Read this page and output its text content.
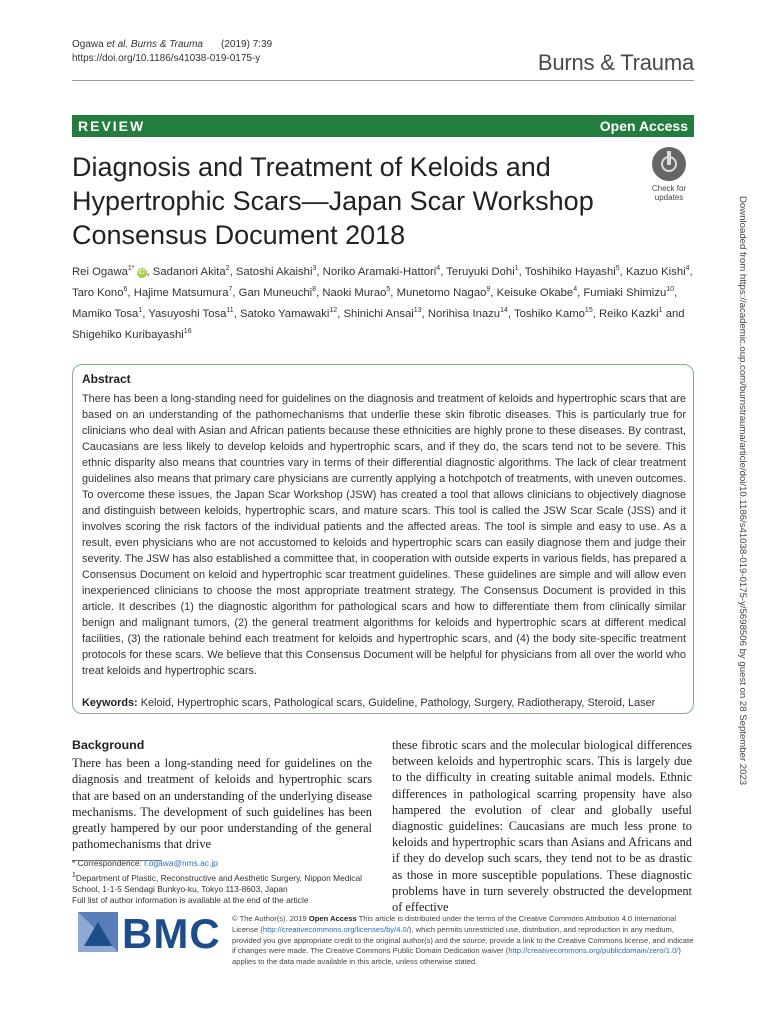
Ogawa et al. Burns & Trauma (2019) 7:39
https://doi.org/10.1186/s41038-019-0175-y	Burns & Trauma
REVIEW	Open Access
Diagnosis and Treatment of Keloids and Hypertrophic Scars—Japan Scar Workshop Consensus Document 2018
Check for
updates
Rei Ogawa$^{1*}$iD , Sadanori Akita$^2$, Satoshi Akaishi$^3$, Noriko Aramaki-Hattori$^4$, Teruyuki Dohi$^1$, Toshihiko Hayashi$^5$, Kazuo Kishi$^4$, Taro Kono$^6$, Hajime Matsumura$^7$, Gan Muneuchi$^8$, Naoki Murao$^5$, Munetomo Nagao$^9$, Keisuke Okabe$^4$, Fumiaki Shimizu$^{10}$, Mamiko Tosa$^1$, Yasuyoshi Tosa$^{11}$, Satoko Yamawaki$^{12}$, Shinichi Ansai$^{13}$, Norihisa Inazu$^{14}$, Toshiko Kamo$^{15}$, Reiko Kazki$^1$ and Shigehiko Kuribayashi$^{16}$
Abstract

There has been a long-standing need for guidelines on the diagnosis and treatment of keloids and hypertrophic scars that are based on an understanding of the pathomechanisms that underlie these skin fibrotic diseases. This is particularly true for clinicians who deal with Asian and African patients because these ethnicities are highly prone to these diseases. By contrast, Caucasians are less likely to develop keloids and hypertrophic scars, and if they do, the scars tend not to be severe. This ethnic disparity also means that countries vary in terms of their differential diagnostic algorithms. The lack of clear treatment guidelines also means that primary care physicians are currently applying a hotchpotch of treatments, with uneven outcomes. To overcome these issues, the Japan Scar Workshop (JSW) has created a tool that allows clinicians to objectively diagnose and distinguish between keloids, hypertrophic scars, and mature scars. This tool is called the JSW Scar Scale (JSS) and it involves scoring the risk factors of the individual patients and the affected areas. The tool is simple and easy to use. As a result, even physicians who are not accustomed to keloids and hypertrophic scars can easily diagnose them and judge their severity. The JSW has also established a committee that, in cooperation with outside experts in various fields, has prepared a Consensus Document on keloid and hypertrophic scar treatment guidelines. These guidelines are simple and will allow even inexperienced clinicians to choose the most appropriate treatment strategy. The Consensus Document is provided in this article. It describes (1) the diagnostic algorithm for pathological scars and how to differentiate them from clinically similar benign and malignant tumors, (2) the general treatment algorithms for keloids and hypertrophic scars at different medical facilities, (3) the rationale behind each treatment for keloids and hypertrophic scars, and (4) the body site-specific treatment protocols for these scars. We believe that this Consensus Document will be helpful for physicians from all over the world who treat keloids and hypertrophic scars.

Keywords: Keloid, Hypertrophic scars, Pathological scars, Guideline, Pathology, Surgery, Radiotherapy, Steroid, Laser

Background
There has been a long-standing need for guidelines on the diagnosis and treatment of keloids and hypertrophic scars that are based on an understanding of the underlying disease mechanisms. The development of such guidelines has been greatly hampered by our poor understanding of the general pathomechanisms that drive

these fibrotic scars and the molecular biological differences between keloids and hypertrophic scars. This is largely due to the difficulty in creating suitable animal models. Ethnic differences in pathological scarring propensity have also hampered the evolution of clear and globally useful diagnostic guidelines: Caucasians are much less prone to keloids and hypertrophic scars than Asians and Africans and if they do develop such scars, they tend not to be as drastic as those in more susceptible populations. These diagnostic problems have in turn severely obstructed the development of effective

* Correspondence: r.ogawa@nms.ac.jp
$^1$Department of Plastic, Reconstructive and Aesthetic Surgery, Nippon Medical School, 1-1-5 Sendagi Bunkyo-ku, Tokyo 113-8603, Japan
Full list of author information is available at the end of the article
BMC © The Author(s). 2019 Open Access This article is distributed under the terms of the Creative Commons Attribution 4.0 International License (http://creativecommons.org/licenses/by/4.0/), which permits unrestricted use, distribution, and reproduction in any medium, provided you give appropriate credit to the original author(s) and the source, provide a link to the Creative Commons license, and indicate if changes were made. The Creative Commons Public Domain Dedication waiver (http://creativecommons.org/publicdomain/zero/1.0/) applies to the data made available in this article, unless otherwise stated.
Downloaded from https://academic.oup.com/burnstrauma/article/doi/10.1186/s41038-019-0175-y/5698506 by guest on 28 September 2023
